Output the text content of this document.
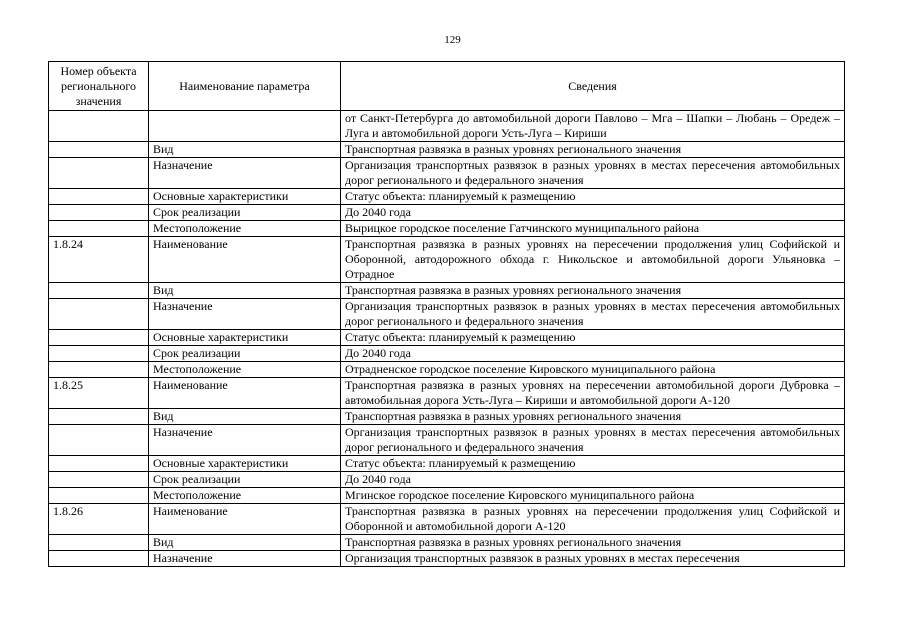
129
Номер объекта регионального значения	Наименование параметра	Сведения
		от Санкт-Петербурга до автомобильной дороги Павлово – Мга – Шапки – Любань – Оредеж – Луга и автомобильной дороги Усть-Луга – Кириши
	Вид	Транспортная развязка в разных уровнях регионального значения
	Назначение	Организация транспортных развязок в разных уровнях в местах пересечения автомобильных дорог регионального и федерального значения
	Основные характеристики	Статус объекта: планируемый к размещению
	Срок реализации	До 2040 года
	Местоположение	Вырицкое городское поселение Гатчинского муниципального района
1.8.24	Наименование	Транспортная развязка в разных уровнях на пересечении продолжения улиц Софийской и Оборонной, автодорожного обхода г. Никольское и автомобильной дороги Ульяновка – Отрадное
	Вид	Транспортная развязка в разных уровнях регионального значения
	Назначение	Организация транспортных развязок в разных уровнях в местах пересечения автомобильных дорог регионального и федерального значения
	Основные характеристики	Статус объекта: планируемый к размещению
	Срок реализации	До 2040 года
	Местоположение	Отрадненское городское поселение Кировского муниципального района
1.8.25	Наименование	Транспортная развязка в разных уровнях на пересечении автомобильной дороги Дубровка – автомобильная дорога Усть-Луга – Кириши и автомобильной дороги А-120
	Вид	Транспортная развязка в разных уровнях регионального значения
	Назначение	Организация транспортных развязок в разных уровнях в местах пересечения автомобильных дорог регионального и федерального значения
	Основные характеристики	Статус объекта: планируемый к размещению
	Срок реализации	До 2040 года
	Местоположение	Мгинское городское поселение Кировского муниципального района
1.8.26	Наименование	Транспортная развязка в разных уровнях на пересечении продолжения улиц Софийской и Оборонной и автомобильной дороги А-120
	Вид	Транспортная развязка в разных уровнях регионального значения
	Назначение	Организация транспортных развязок в разных уровнях в местах пересечения
